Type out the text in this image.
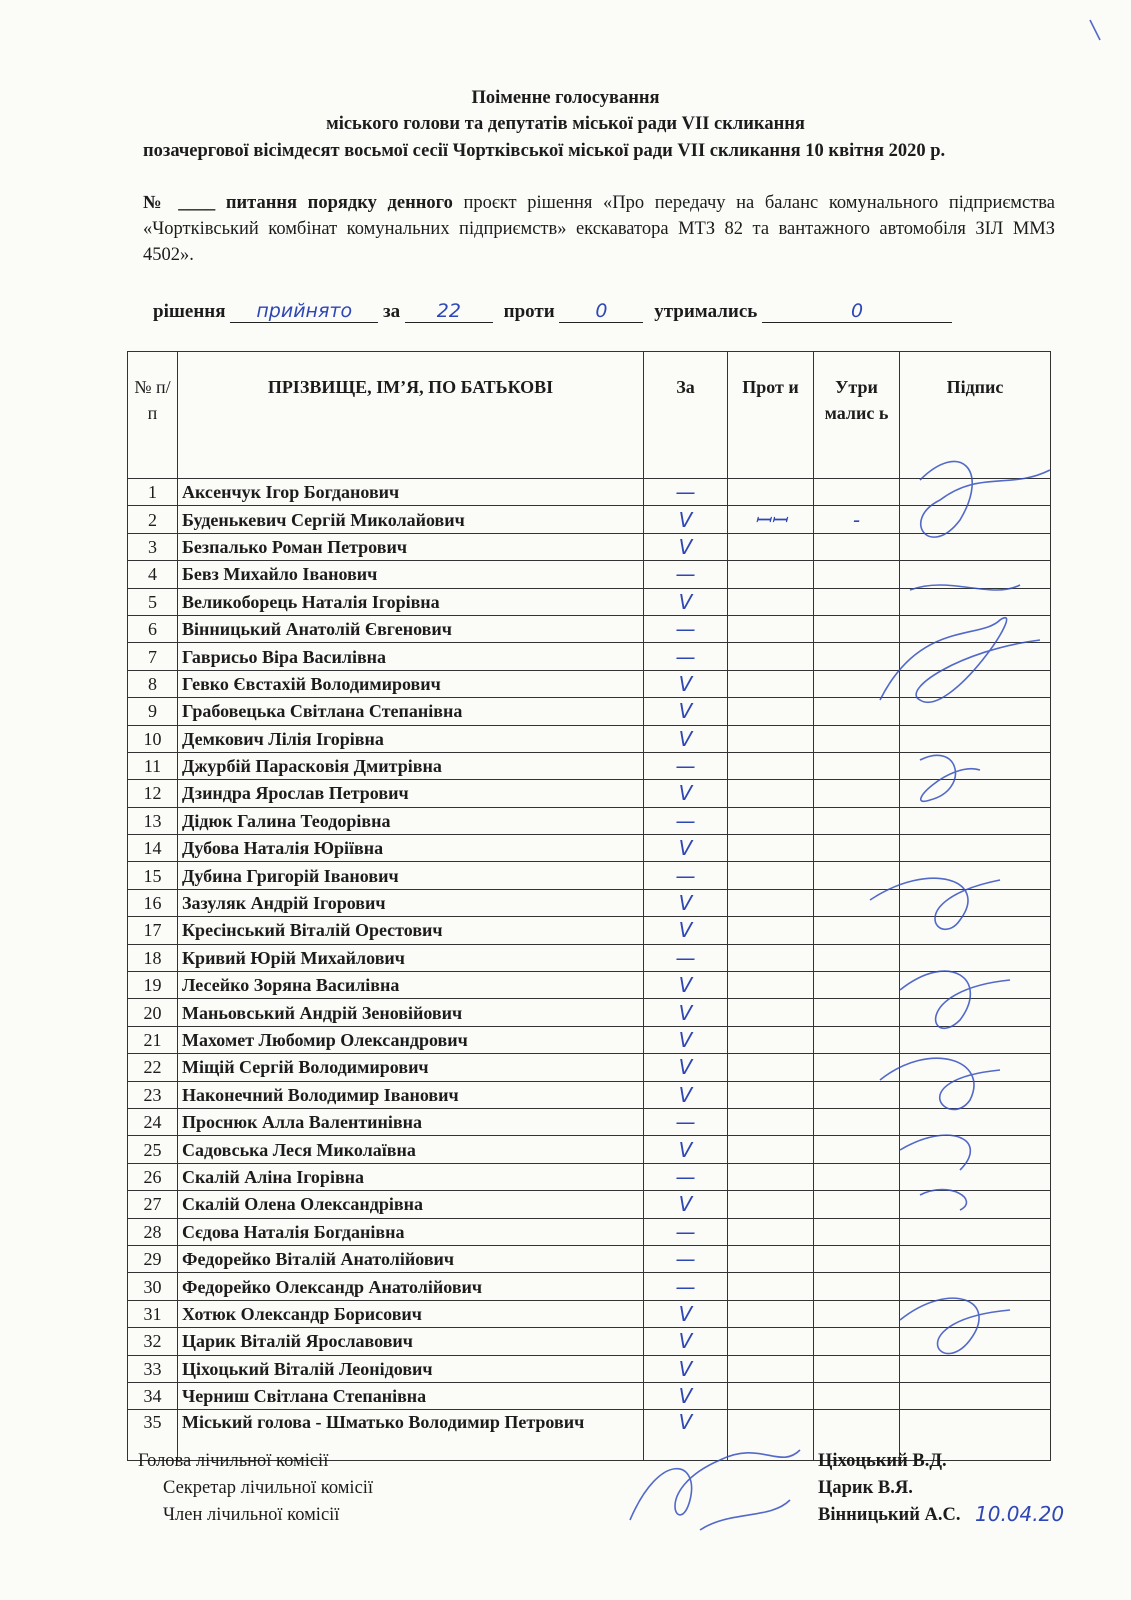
Поіменне голосування
міського голови та депутатів міської ради VII скликання
позачергової вісімдесят восьмої сесії Чортківської міської ради VII скликання 10 квітня 2020 р.
№ ____ питання порядку денного проєкт рішення «Про передачу на баланс комунального підприємства «Чортківський комбінат комунальних підприємств» екскаватора МТЗ 82 та вантажного автомобіля ЗІЛ ММЗ 4502».
рішення прийнято за 22 проти 0 утримались	0
№ п/п	ПРІЗВИЩЕ, ІМ’Я, ПО БАТЬКОВІ	За	Прот и	Утри малис ь	Підпис
1	Аксенчук Ігор Богданович	—			
2	Буденькевич Сергій Миколайович	V	ꟷꟷ	-	
3	Безпалько Роман Петрович	V			
4	Бевз Михайло Іванович	—			
5	Великоборець Наталія Ігорівна	V			
6	Вінницький Анатолій Євгенович	—			
7	Гаврисьо Віра Василівна	—			
8	Гевко Євстахій Володимирович	V			
9	Грабовецька Світлана Степанівна	V			
10	Демкович Лілія Ігорівна	V			
11	Джурбій Параскoвія Дмитрівна	—			
12	Дзиндра Ярослав Петрович	V			
13	Дідюк Галина Теодорівна	—			
14	Дубова Наталія Юріївна	V			
15	Дубина Григорій Іванович	—			
16	Зазуляк Андрій Ігорович	V			
17	Кресінський Віталій Орестович	V			
18	Кривий Юрій Михайлович	—			
19	Лесейко Зоряна Василівна	V			
20	Маньовський Андрій Зеновійович	V			
21	Махомет Любомир Олександрович	V			
22	Міщій Сергій Володимирович	V			
23	Наконечний Володимир Іванович	V			
24	Проснюк Алла Валентинівна	—			
25	Садовська Леся Миколаївна	V			
26	Скалій Аліна Ігорівна	—			
27	Скалій Олена Олександрівна	V			
28	Сєдова Наталія Богданівна	—			
29	Федорейко Віталій Анатолійович	—			
30	Федорейко Олександр Анатолійович	—			
31	Хотюк Олександр Борисович	V			
32	Царик Віталій Ярославович	V			
33	Ціхоцький Віталій Леонідович	V			
34	Черниш Світлана Степанівна	V			
35	Міський голова - Шматько Володимир Петрович	V			
Голова лічильної комісії
Секретар лічильної комісії
Член лічильної комісії
Ціхоцький В.Д.
Царик В.Я.
Вінницький А.С. 10.04.20
